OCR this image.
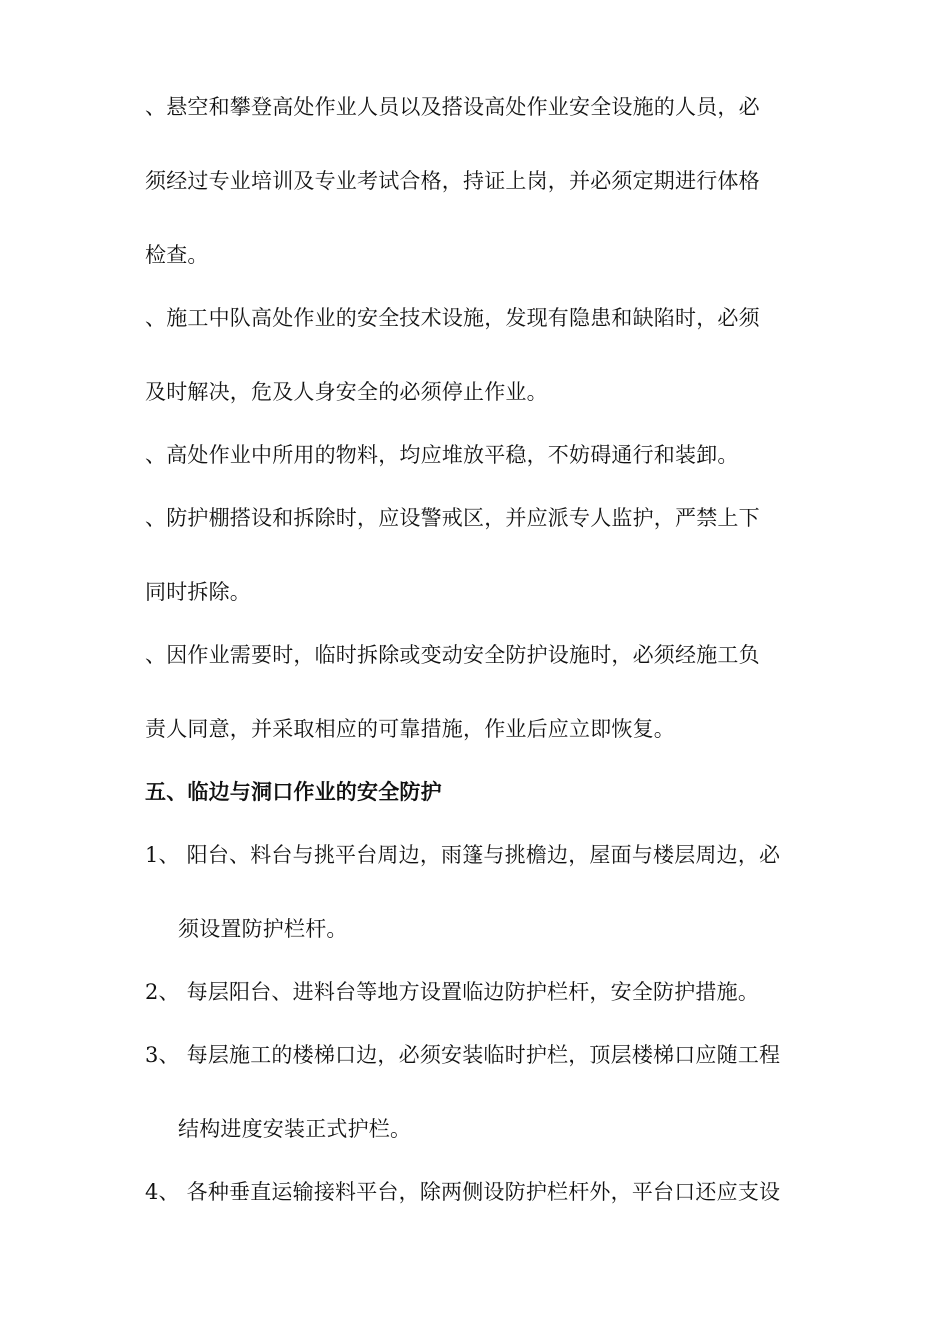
、悬空和攀登高处作业人员以及搭设高处作业安全设施的人员，必
须经过专业培训及专业考试合格，持证上岗，并必须定期进行体格
检查。
、施工中队高处作业的安全技术设施，发现有隐患和缺陷时，必须
及时解决，危及人身安全的必须停止作业。
、高处作业中所用的物料，均应堆放平稳，不妨碍通行和装卸。
、防护棚搭设和拆除时，应设警戒区，并应派专人监护，严禁上下
同时拆除。
、因作业需要时，临时拆除或变动安全防护设施时，必须经施工负
责人同意，并采取相应的可靠措施，作业后应立即恢复。
五、临边与洞口作业的安全防护
1、 阳台、料台与挑平台周边，雨篷与挑檐边，屋面与楼层周边，必
须设置防护栏杆。
2、 每层阳台、进料台等地方设置临边防护栏杆，安全防护措施。
3、 每层施工的楼梯口边，必须安装临时护栏，顶层楼梯口应随工程
结构进度安装正式护栏。
4、 各种垂直运输接料平台，除两侧设防护栏杆外，平台口还应支设
